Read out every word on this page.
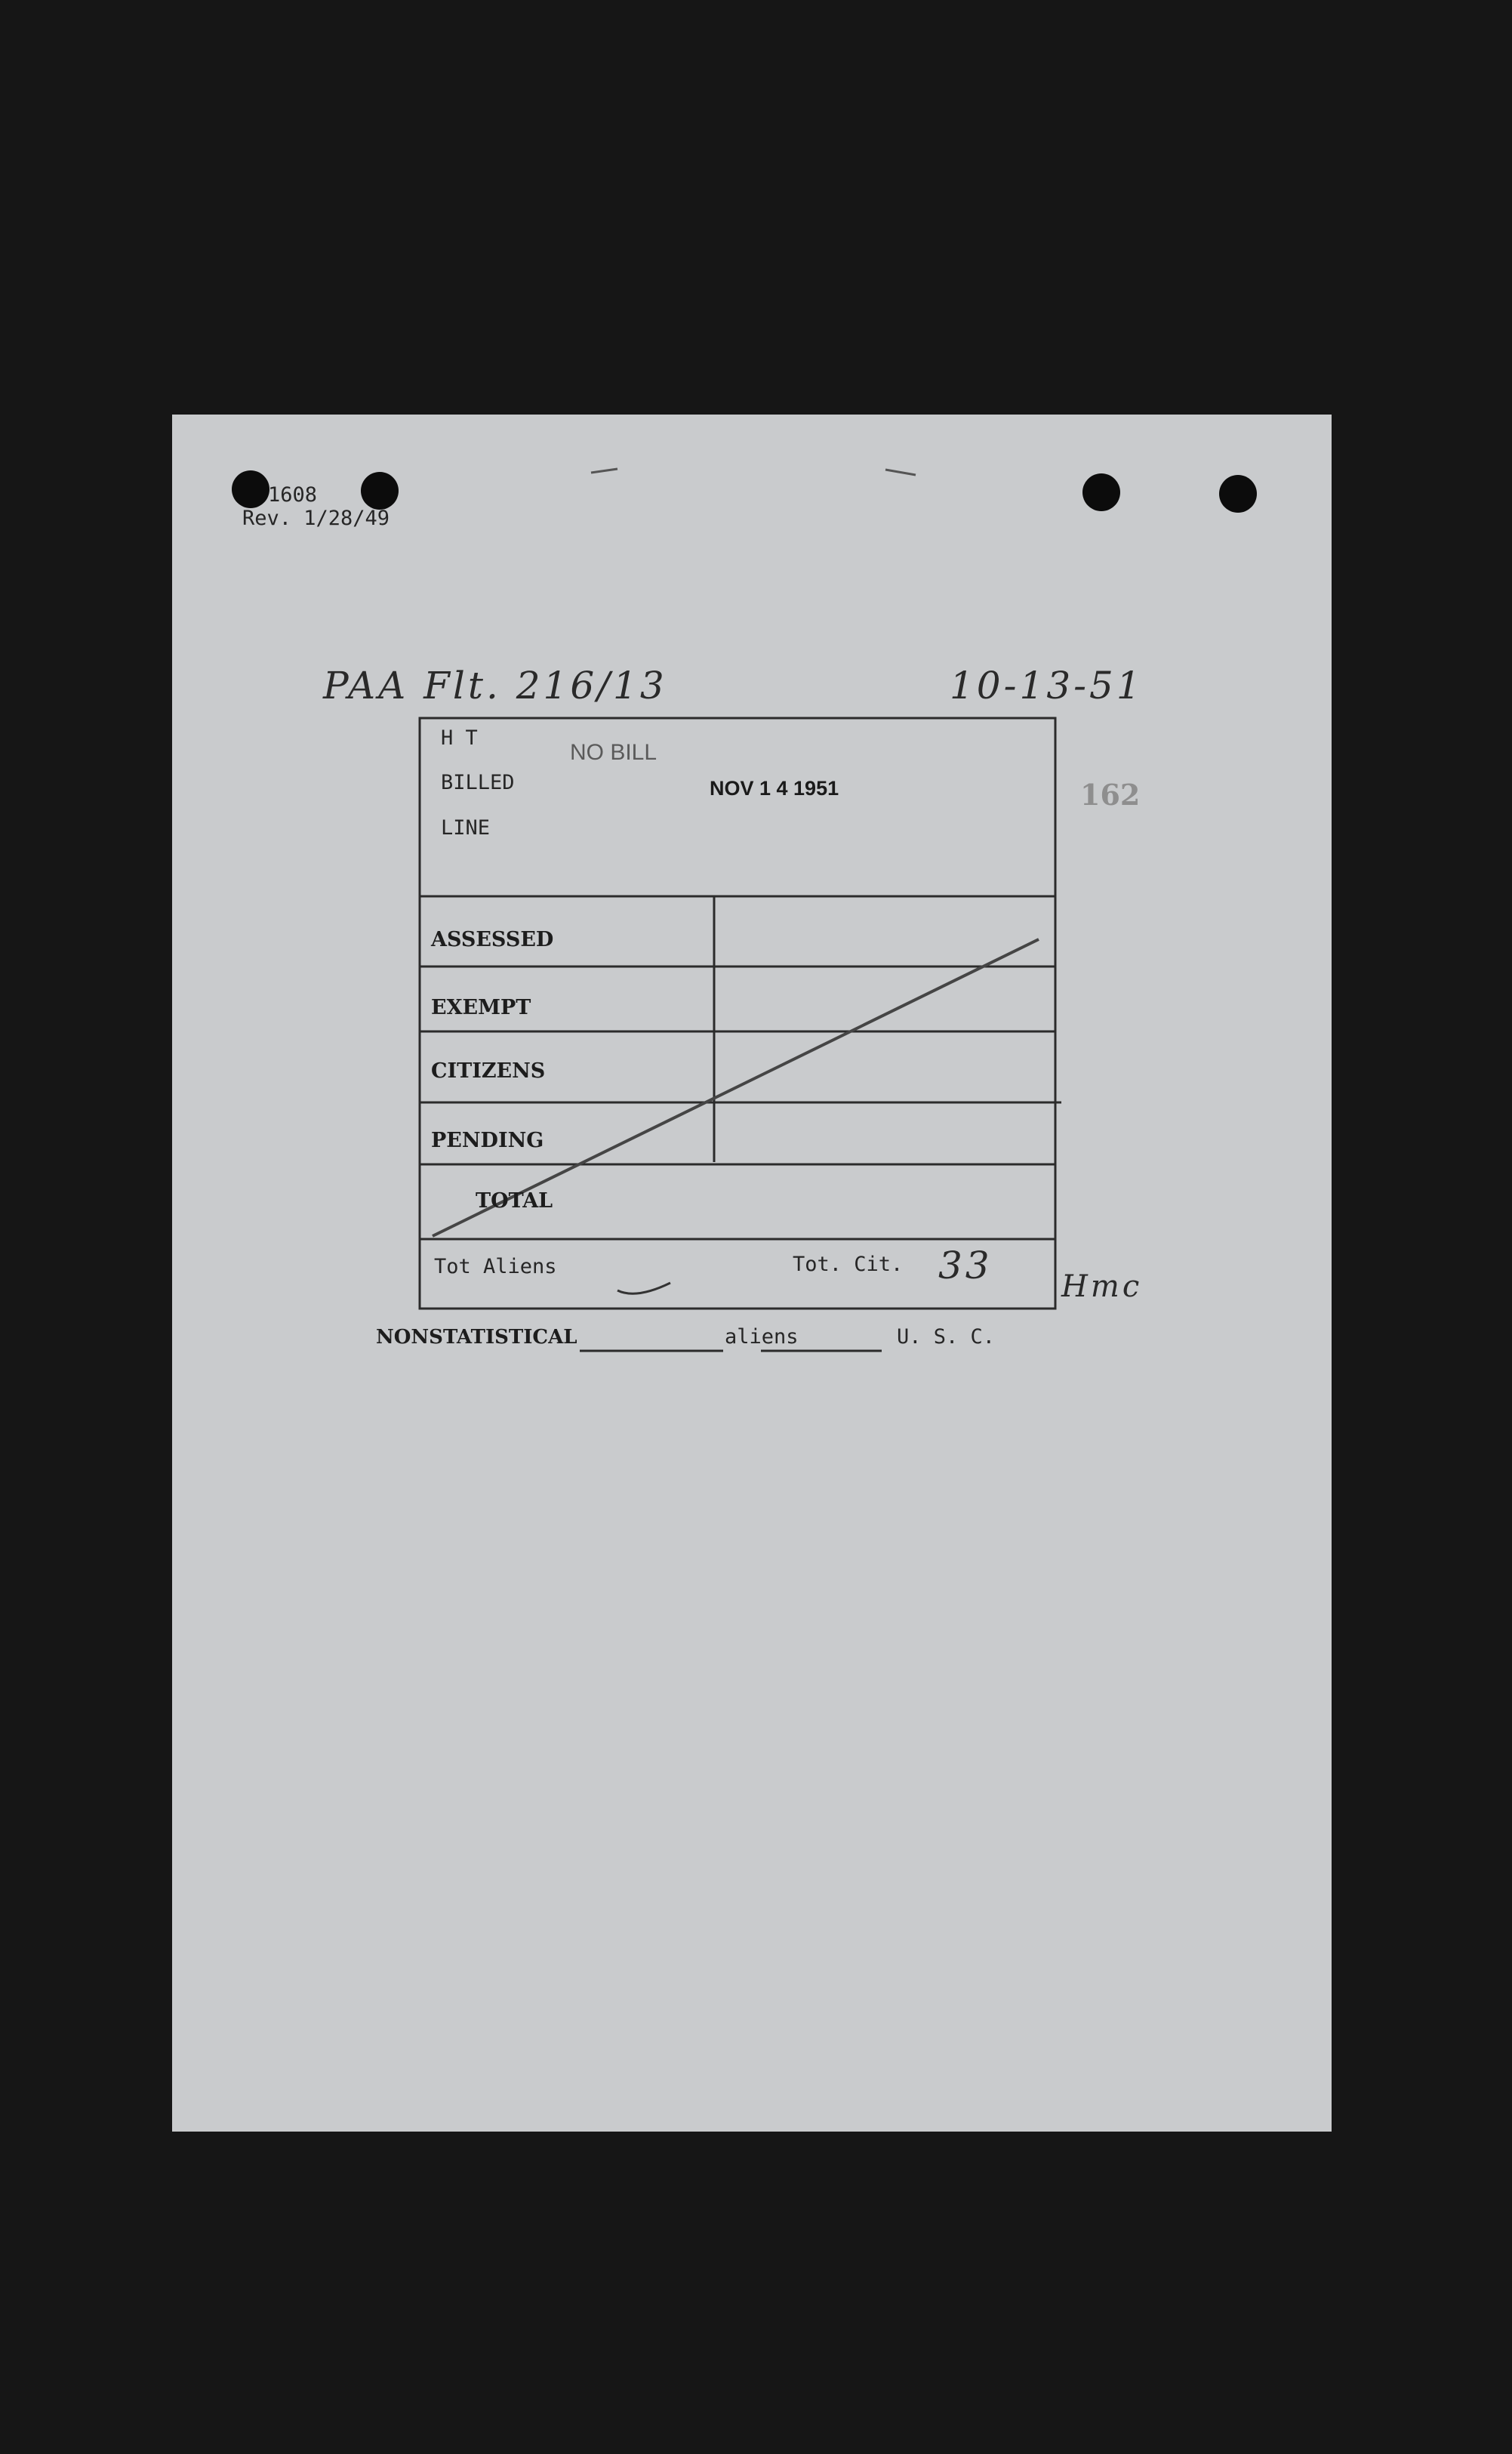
1608
Rev. 1/28/49
PAA Flt. 216/13	10-13-51
162
H T
BILLED
LINE
NO BILL
NOV 1 4 1951
ASSESSED
EXEMPT
CITIZENS
PENDING
TOTAL
Tot Aliens	Tot. Cit. 33 Hmc
NONSTATISTICAL	aliens	U. S. C.
